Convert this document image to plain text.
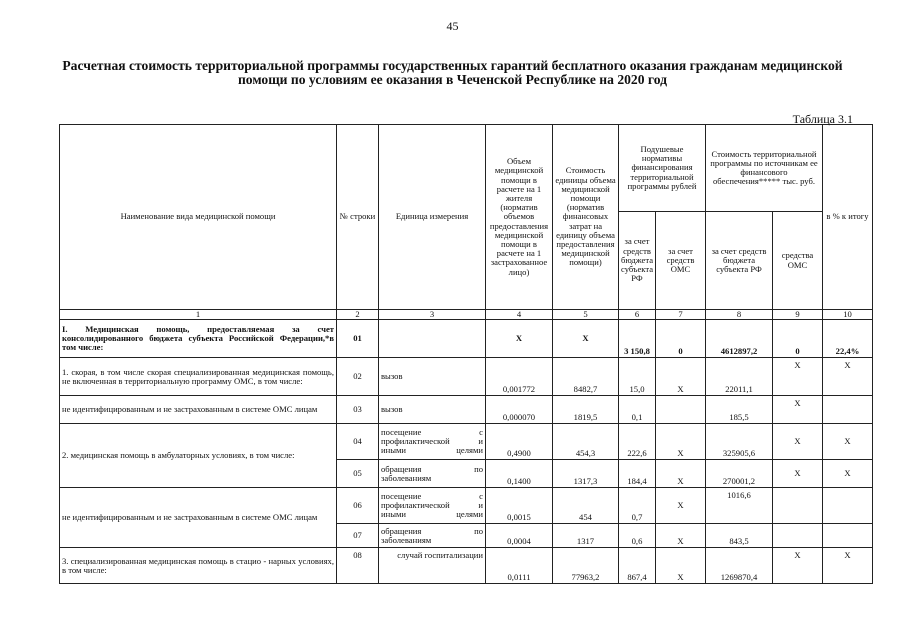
45
Расчетная стоимость территориальной программы государственных гарантий бесплатного оказания гражданам медицинской помощи по условиям ее оказания в Чеченской Республике на 2020 год
Таблица 3.1
Наименование вида медицинской помощи	№ строки	Единица измерения	Объем медицинской помощи в расчете на 1 жителя (норматив объемов предоставления медицинской помощи в расчете на 1 застрахованное лицо)	Стоимость единицы объема медицинской помощи (норматив финансовых затрат на единицу объема предоставления медицинской помощи)	Подушевые нормативы финансирования территориальной программы рублей		Стоимость территориальной программы по источникам ее финансового обеспечения***** тыс. руб.		в % к итогу
					за счет средств бюджета субъекта РФ	за счет средств ОМС	за счет средств бюджета субъекта РФ	средства ОМС	
1	2	3	4	5	6	7	8	9	10
I. Медицинская помощь, предоставляемая за счет консолидированного бюджета субъекта Российской Федерации,*в том числе:	01		Х	Х	3 150,8	0	4612897,2	0	22,4%
1. скорая, в том числе скорая специализированная медицинская помощь, не включенная в территориальную программу ОМС, в том числе:	02	вызов	0,001772	8482,7	15,0	Х	22011,1	Х	Х
не идентифицированным и не застрахованным в системе ОМС лицам	03	вызов	0,000070	1819,5	0,1		185,5	Х	
2. медицинская помощь в амбулаторных условиях, в том числе:	04	посещение с профилактической и иными целями	0,4900	454,3	222,6	Х	325905,6	Х	Х
	05	обращения по заболеваниям	0,1400	1317,3	184,4	Х	270001,2	Х	Х
не идентифицированным и не застрахованным в системе ОМС лицам	06	посещение с профилактической и иными целями	0,0015	454	0,7	Х	1016,6		
	07	обращения по заболеваниям	0,0004	1317	0,6	Х	843,5		
3. специализированная медицинская помощь в стацио - нарных условиях, в том числе:	08	случай госпитализации	0,0111	77963,2	867,4	Х	1269870,4	Х	Х
